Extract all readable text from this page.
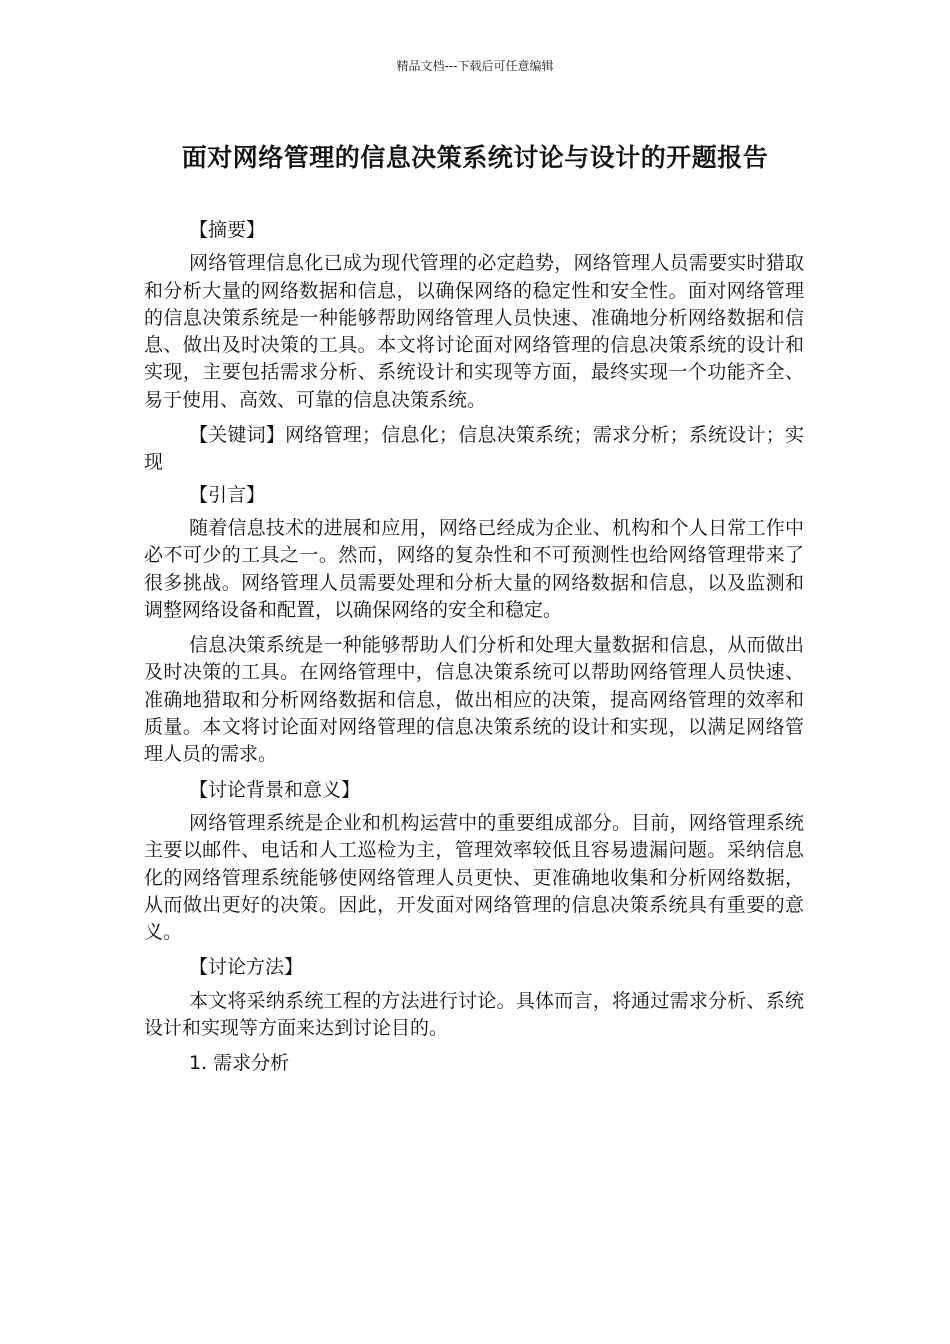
精品文档---下载后可任意编辑
面对网络管理的信息决策系统讨论与设计的开题报告

【摘要】

网络管理信息化已成为现代管理的必定趋势，网络管理人员需要实时猎取和分析大量的网络数据和信息，以确保网络的稳定性和安全性。面对网络管理的信息决策系统是一种能够帮助网络管理人员快速、准确地分析网络数据和信息、做出及时决策的工具。本文将讨论面对网络管理的信息决策系统的设计和实现，主要包括需求分析、系统设计和实现等方面，最终实现一个功能齐全、易于使用、高效、可靠的信息决策系统。

【关键词】网络管理；信息化；信息决策系统；需求分析；系统设计；实现

【引言】

随着信息技术的进展和应用，网络已经成为企业、机构和个人日常工作中必不可少的工具之一。然而，网络的复杂性和不可预测性也给网络管理带来了很多挑战。网络管理人员需要处理和分析大量的网络数据和信息，以及监测和调整网络设备和配置，以确保网络的安全和稳定。

信息决策系统是一种能够帮助人们分析和处理大量数据和信息，从而做出及时决策的工具。在网络管理中，信息决策系统可以帮助网络管理人员快速、准确地猎取和分析网络数据和信息，做出相应的决策，提高网络管理的效率和质量。本文将讨论面对网络管理的信息决策系统的设计和实现，以满足网络管理人员的需求。

【讨论背景和意义】

网络管理系统是企业和机构运营中的重要组成部分。目前，网络管理系统主要以邮件、电话和人工巡检为主，管理效率较低且容易遗漏问题。采纳信息化的网络管理系统能够使网络管理人员更快、更准确地收集和分析网络数据，从而做出更好的决策。因此，开发面对网络管理的信息决策系统具有重要的意义。

【讨论方法】

本文将采纳系统工程的方法进行讨论。具体而言，将通过需求分析、系统设计和实现等方面来达到讨论目的。

1. 需求分析
